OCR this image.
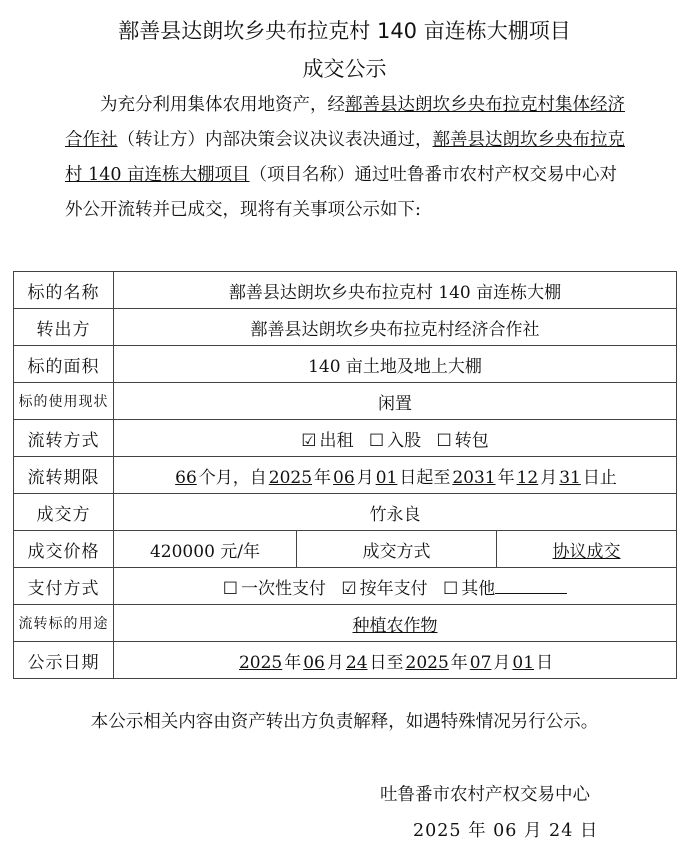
鄯善县达朗坎乡央布拉克村 140 亩连栋大棚项目
成交公示

为充分利用集体农用地资产，经鄯善县达朗坎乡央布拉克村集体经济合作社（转让方）内部决策会议决议表决通过，鄯善县达朗坎乡央布拉克村 140 亩连栋大棚项目（项目名称）通过吐鲁番市农村产权交易中心对外公开流转并已成交，现将有关事项公示如下:

标的名称	鄯善县达朗坎乡央布拉克村 140 亩连栋大棚		
转出方	鄯善县达朗坎乡央布拉克村经济合作社		
标的面积	140 亩土地及地上大棚		
标的使用现状	闲置		
流转方式	☑ 出租 ☐ 入股 ☐ 转包		
流转期限	66 个月，自 2025 年 06 月 01 日起至 2031 年 12 月 31 日止		
成交方	竹永良		
成交价格	420000 元/年	成交方式	协议成交
支付方式	☐ 一次性支付 ☑ 按年支付 ☐ 其他		
流转标的用途	种植农作物		
公示日期	2025 年 06 月 24 日至 2025 年 07 月 01 日		
本公示相关内容由资产转出方负责解释，如遇特殊情况另行公示。
吐鲁番市农村产权交易中心
2025 年 06 月 24 日
